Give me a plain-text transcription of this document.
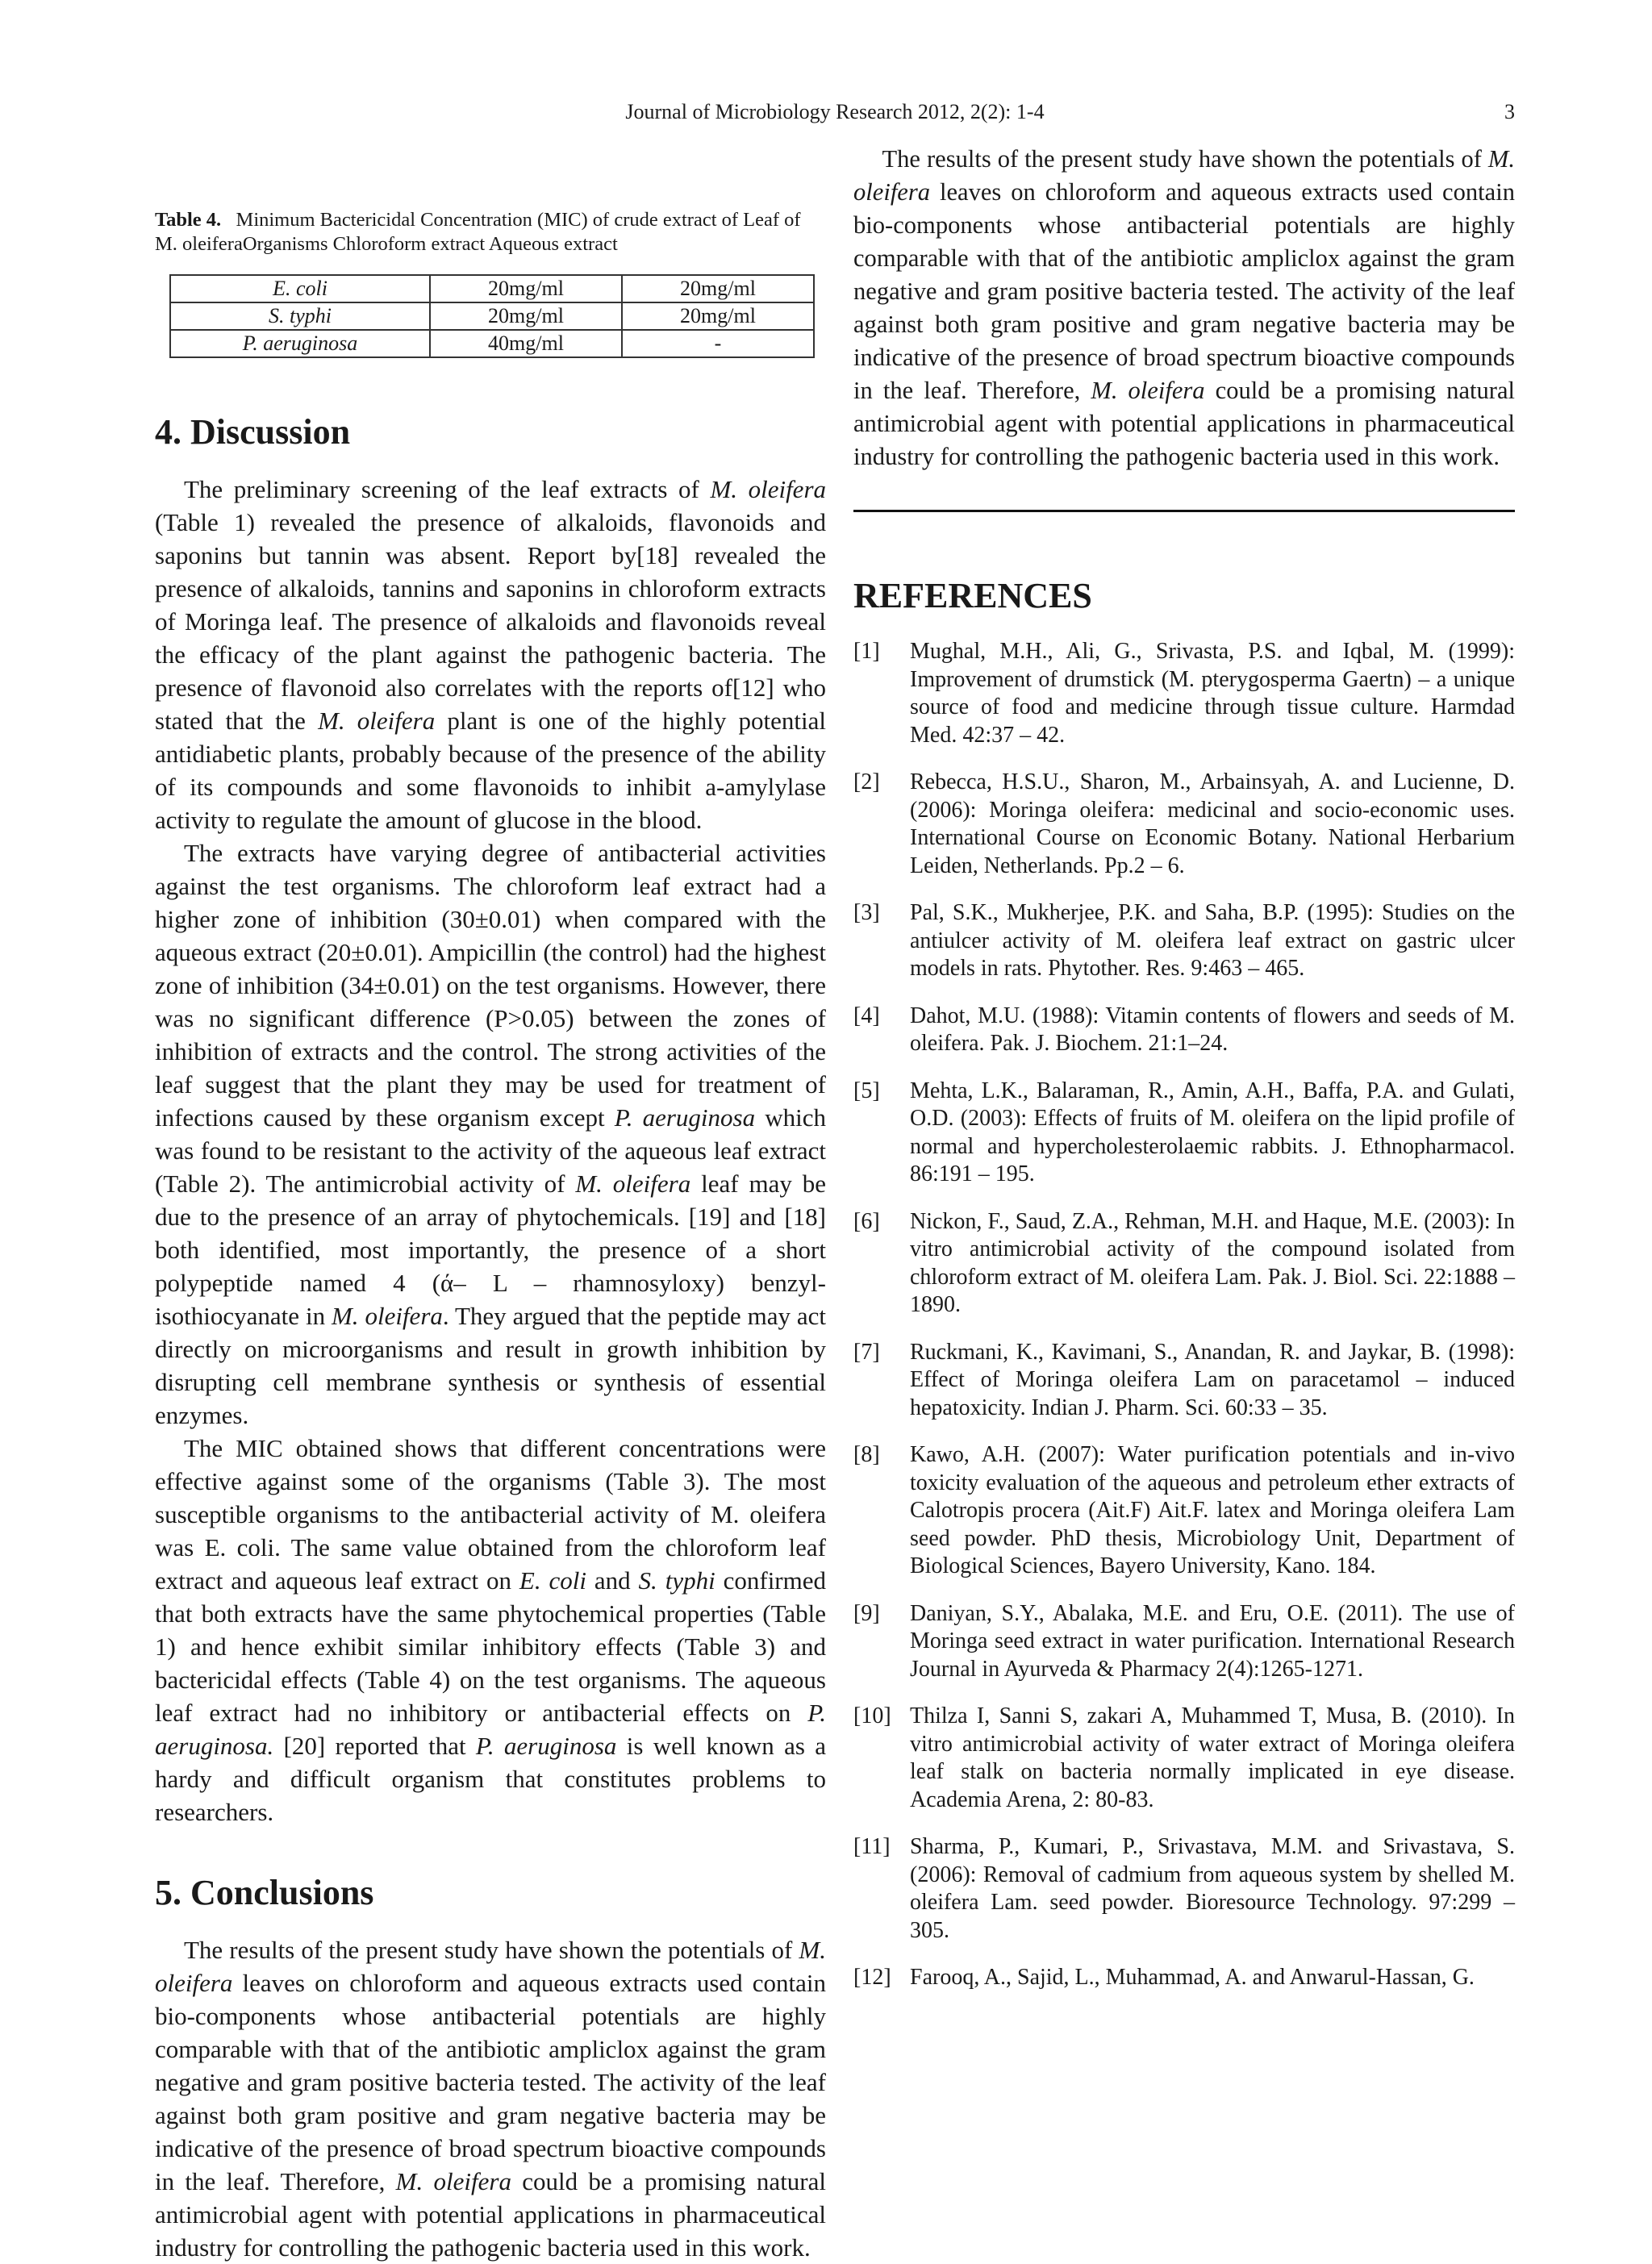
Journal of Microbiology Research 2012, 2(2): 1-4	3

Table 4. Minimum Bactericidal Concentration (MIC) of crude extract of Leaf of M. oleiferaOrganisms Chloroform extract Aqueous extract

E. coli	20mg/ml	20mg/ml
S. typhi	20mg/ml	20mg/ml
P. aeruginosa	40mg/ml	-
4. Discussion

The preliminary screening of the leaf extracts of M. oleifera (Table 1) revealed the presence of alkaloids, flavonoids and saponins but tannin was absent. Report by[18] revealed the presence of alkaloids, tannins and saponins in chloroform extracts of Moringa leaf. The presence of alkaloids and flavonoids reveal the efficacy of the plant against the pathogenic bacteria. The presence of flavonoid also correlates with the reports of[12] who stated that the M. oleifera plant is one of the highly potential antidiabetic plants, probably because of the presence of the ability of its compounds and some flavonoids to inhibit a-amylylase activity to regulate the amount of glucose in the blood.

The extracts have varying degree of antibacterial activities against the test organisms. The chloroform leaf extract had a higher zone of inhibition (30±0.01) when compared with the aqueous extract (20±0.01). Ampicillin (the control) had the highest zone of inhibition (34±0.01) on the test organisms. However, there was no significant difference (P>0.05) between the zones of inhibition of extracts and the control. The strong activities of the leaf suggest that the plant they may be used for treatment of infections caused by these organism except P. aeruginosa which was found to be resistant to the activity of the aqueous leaf extract (Table 2). The antimicrobial activity of M. oleifera leaf may be due to the presence of an array of phytochemicals. [19] and [18] both identified, most importantly, the presence of a short polypeptide named 4 (ά– L – rhamnosyloxy) benzyl- isothiocyanate in M. oleifera. They argued that the peptide may act directly on microorganisms and result in growth inhibition by disrupting cell membrane synthesis or synthesis of essential enzymes.

The MIC obtained shows that different concentrations were effective against some of the organisms (Table 3). The most susceptible organisms to the antibacterial activity of M. oleifera was E. coli. The same value obtained from the chloroform leaf extract and aqueous leaf extract on E. coli and S. typhi confirmed that both extracts have the same phytochemical properties (Table 1) and hence exhibit similar inhibitory effects (Table 3) and bactericidal effects (Table 4) on the test organisms. The aqueous leaf extract had no inhibitory or antibacterial effects on P. aeruginosa. [20] reported that P. aeruginosa is well known as a hardy and difficult organism that constitutes problems to researchers.

5. Conclusions
The results of the present study have shown the potentials of M. oleifera leaves on chloroform and aqueous extracts used contain bio-components whose antibacterial potentials are highly comparable with that of the antibiotic ampliclox against the gram negative and gram positive bacteria tested. The activity of the leaf against both gram positive and gram negative bacteria may be indicative of the presence of broad spectrum bioactive compounds in the leaf. Therefore, M. oleifera could be a promising natural antimicrobial agent with potential applications in pharmaceutical industry for controlling the pathogenic bacteria used in this work.
The results of the present study have shown the potentials of M. oleifera leaves on chloroform and aqueous extracts used contain bio-components whose antibacterial potentials are highly comparable with that of the antibiotic ampliclox against the gram negative and gram positive bacteria tested. The activity of the leaf against both gram positive and gram negative bacteria may be indicative of the presence of broad spectrum bioactive compounds in the leaf. Therefore, M. oleifera could be a promising natural antimicrobial agent with potential applications in pharmaceutical industry for controlling the pathogenic bacteria used in this work.
REFERENCES
[1]	Mughal, M.H., Ali, G., Srivasta, P.S. and Iqbal, M. (1999): Improvement of drumstick (M. pterygosperma Gaertn) – a unique source of food and medicine through tissue culture. Harmdad Med. 42:37 – 42.
[2]	Rebecca, H.S.U., Sharon, M., Arbainsyah, A. and Lucienne, D. (2006): Moringa oleifera: medicinal and socio-economic uses. International Course on Economic Botany. National Herbarium Leiden, Netherlands. Pp.2 – 6.
[3]	Pal, S.K., Mukherjee, P.K. and Saha, B.P. (1995): Studies on the antiulcer activity of M. oleifera leaf extract on gastric ulcer models in rats. Phytother. Res. 9:463 – 465.
[4]	Dahot, M.U. (1988): Vitamin contents of flowers and seeds of M. oleifera. Pak. J. Biochem. 21:1–24.
[5]	Mehta, L.K., Balaraman, R., Amin, A.H., Baffa, P.A. and Gulati, O.D. (2003): Effects of fruits of M. oleifera on the lipid profile of normal and hypercholesterolaemic rabbits. J. Ethnopharmacol. 86:191 – 195.
[6]	Nickon, F., Saud, Z.A., Rehman, M.H. and Haque, M.E. (2003): In vitro antimicrobial activity of the compound isolated from chloroform extract of M. oleifera Lam. Pak. J. Biol. Sci. 22:1888 – 1890.
[7]	Ruckmani, K., Kavimani, S., Anandan, R. and Jaykar, B. (1998): Effect of Moringa oleifera Lam on paracetamol – induced hepatoxicity. Indian J. Pharm. Sci. 60:33 – 35.
[8]	Kawo, A.H. (2007): Water purification potentials and in-vivo toxicity evaluation of the aqueous and petroleum ether extracts of Calotropis procera (Ait.F) Ait.F. latex and Moringa oleifera Lam seed powder. PhD thesis, Microbiology Unit, Department of Biological Sciences, Bayero University, Kano. 184.
[9]	Daniyan, S.Y., Abalaka, M.E. and Eru, O.E. (2011). The use of Moringa seed extract in water purification. International Research Journal in Ayurveda & Pharmacy 2(4):1265-1271.
[10] Thilza I, Sanni S, zakari A, Muhammed T, Musa, B. (2010). In vitro antimicrobial activity of water extract of Moringa oleifera leaf stalk on bacteria normally implicated in eye disease. Academia Arena, 2: 80-83.
[11] Sharma, P., Kumari, P., Srivastava, M.M. and Srivastava, S. (2006): Removal of cadmium from aqueous system by shelled M. oleifera Lam. seed powder. Bioresource Technology. 97:299 – 305.
[12] Farooq, A., Sajid, L., Muhammad, A. and Anwarul-Hassan, G.
